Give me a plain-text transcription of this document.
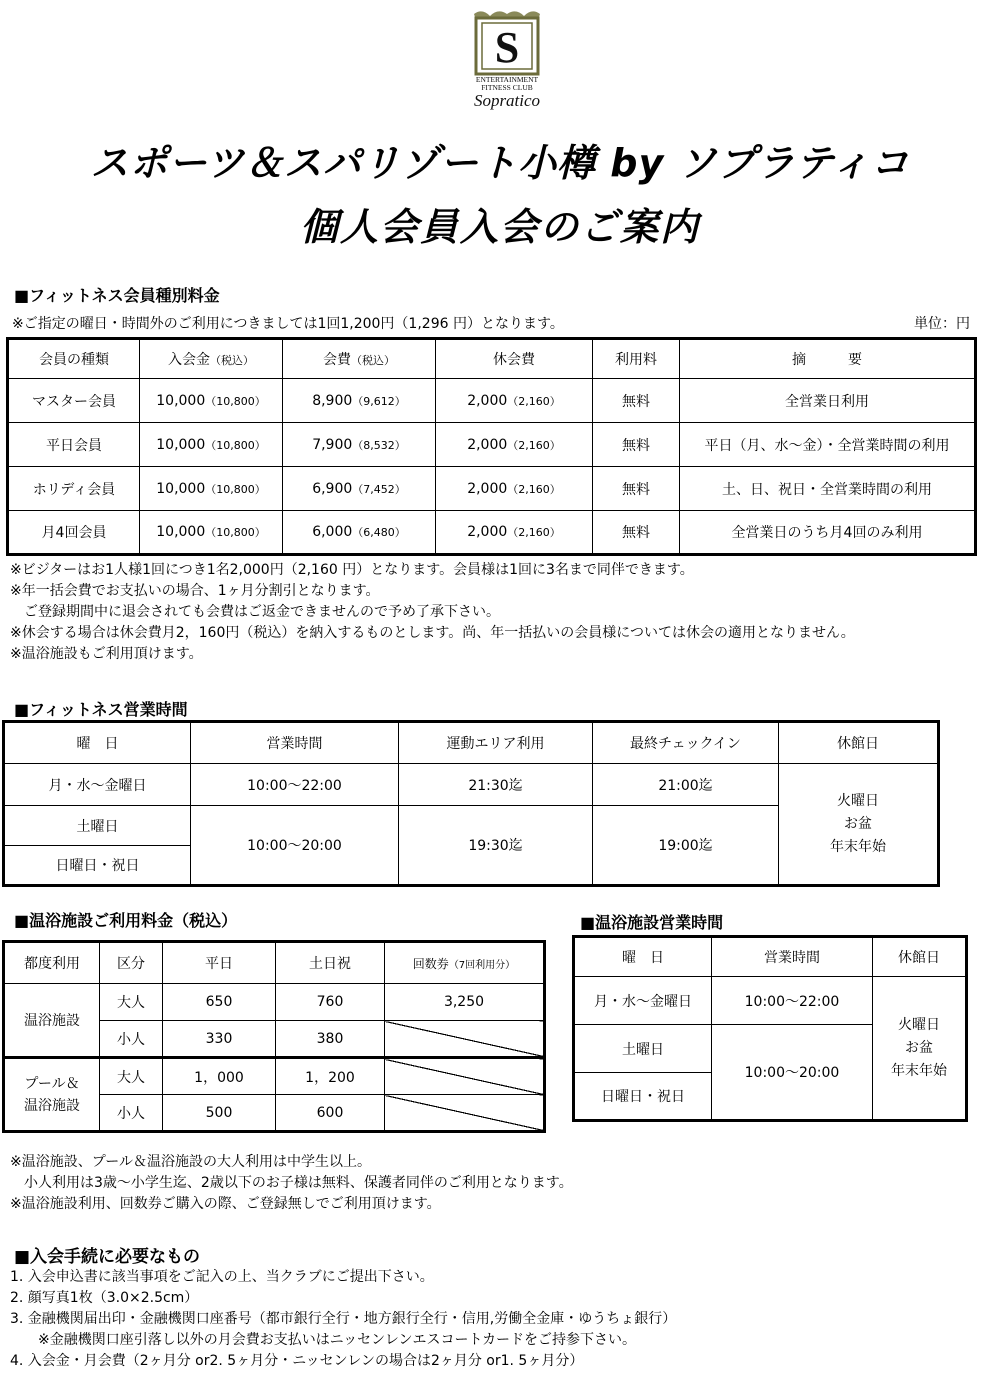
S
ENTERTAINMENT
FITNESS CLUB
Sopratico
スポーツ＆スパリゾート小樽 by ソプラティコ
個人会員入会のご案内
■フィットネス会員種別料金
※ご指定の曜日・時間外のご利用につきましては1回1,200円（1,296 円）となります。	単位：円
会員の種類	入会金（税込）	会費（税込）	休会費	利用料	摘　　　要
マスター会員	10,000（10,800）	8,900（9,612）	2,000（2,160）	無料	全営業日利用
平日会員	10,000（10,800）	7,900（8,532）	2,000（2,160）	無料	平日（月、水～金）・全営業時間の利用
ホリディ会員	10,000（10,800）	6,900（7,452）	2,000（2,160）	無料	土、日、祝日・全営業時間の利用
月4回会員	10,000（10,800）	6,000（6,480）	2,000（2,160）	無料	全営業日のうち月4回のみ利用
※ビジターはお1人様1回につき1名2,000円（2,160 円）となります。会員様は1回に3名まで同伴できます。
※年一括会費でお支払いの場合、1ヶ月分割引となります。
　ご登録期間中に退会されても会費はご返金できませんので予め了承下さい。
※休会する場合は休会費月2，160円（税込）を納入するものとします。尚、年一括払いの会員様については休会の適用となりません。
※温浴施設もご利用頂けます。
■フィットネス営業時間
曜　日	営業時間	運動エリア利用	最終チェックイン	休館日
月・水～金曜日	10:00～22:00	21:30迄	21:00迄	火曜日
お盆
年末年始

土曜日	10:00～20:00	19:30迄	19:00迄	
日曜日・祝日				
■温浴施設ご利用料金（税込）
都度利用	区分	平日	土日祝	回数券（7回利用分）
温浴施設	大人	650	760	3,250
	小人	330	380	

プール＆
温浴施設	大人	1，000	1，200	
	小人	500	600	
■温浴施設営業時間
曜　日	営業時間	休館日
月・水～金曜日	10:00～22:00	火曜日
お盆
年末年始

土曜日	10:00～20:00	
日曜日・祝日		
※温浴施設、プール＆温浴施設の大人利用は中学生以上。
　小人利用は3歳～小学生迄、2歳以下のお子様は無料、保護者同伴のご利用となります。
※温浴施設利用、回数券ご購入の際、ご登録無しでご利用頂けます。
■入会手続に必要なもの
1. 入会申込書に該当事項をご記入の上、当クラブにご提出下さい。
2. 顔写真1枚（3.0×2.5cm）
3. 金融機関届出印・金融機関口座番号（都市銀行全行・地方銀行全行・信用,労働全金庫・ゆうちょ銀行）
　　※金融機関口座引落し以外の月会費お支払いはニッセンレンエスコートカードをご持参下さい。
4. 入会金・月会費（2ヶ月分 or2. 5ヶ月分・ニッセンレンの場合は2ヶ月分 or1. 5ヶ月分）
